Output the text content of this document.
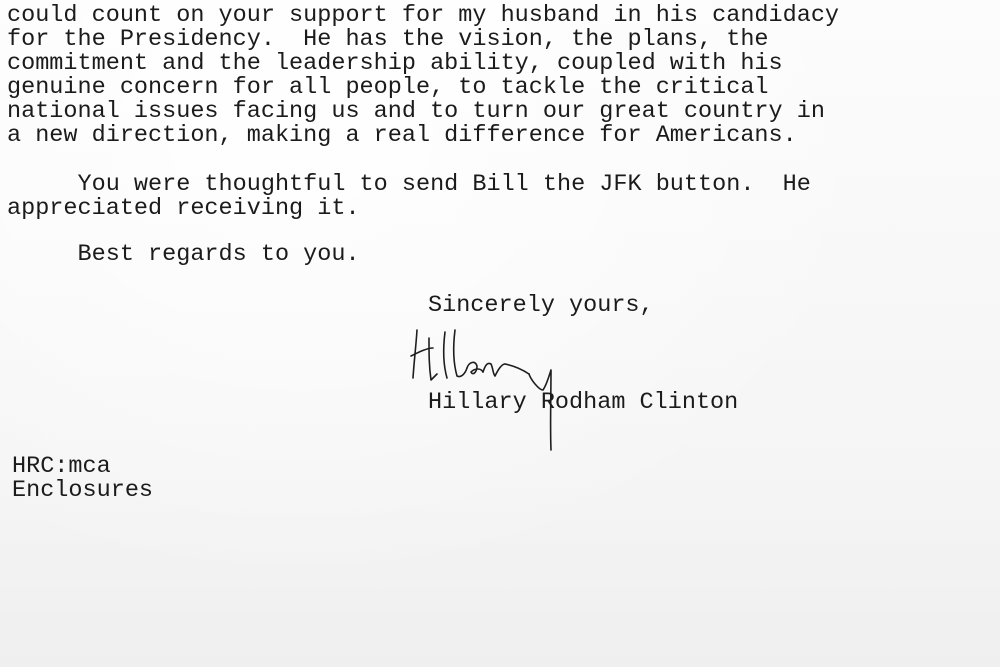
could count on your support for my husband in his candidacy

for the Presidency.  He has the vision, the plans, the

commitment and the leadership ability, coupled with his

genuine concern for all people, to tackle the critical

national issues facing us and to turn our great country in

a new direction, making a real difference for Americans.

You were thoughtful to send Bill the JFK button.  He

appreciated receiving it.

Best regards to you.

Sincerely yours,

Hillary Rodham Clinton

HRC:mca

Enclosures
